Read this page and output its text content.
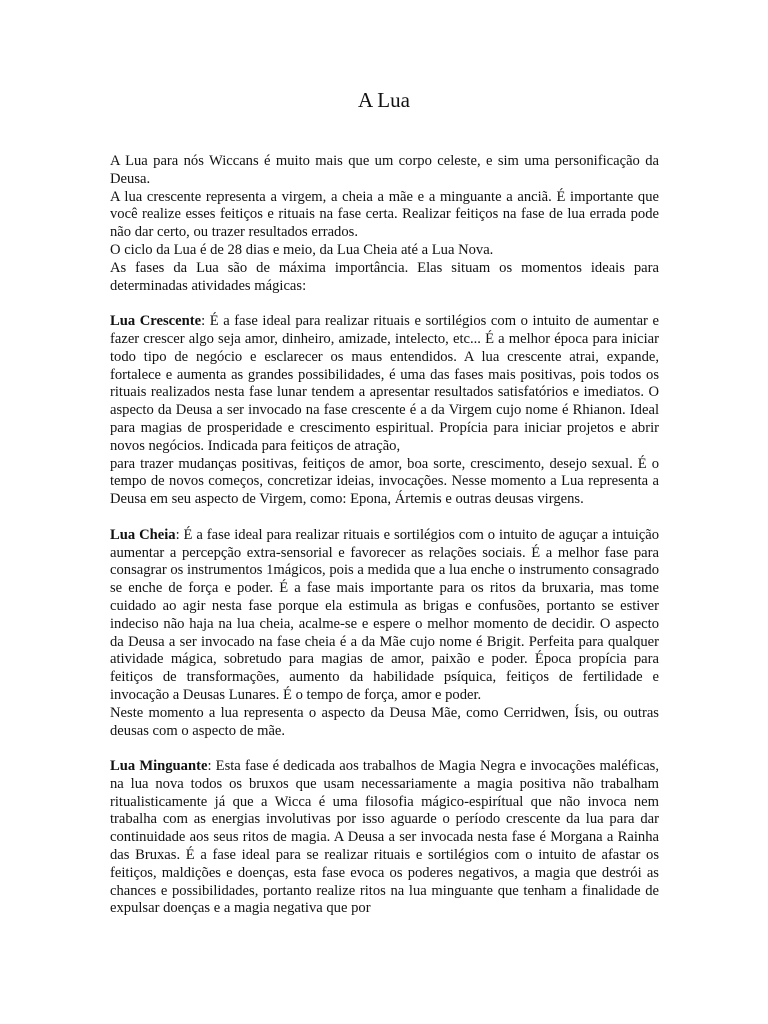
A Lua

A Lua para nós Wiccans é muito mais que um corpo celeste, e sim uma personificação da Deusa.

A lua crescente representa a virgem, a cheia a mãe e a minguante a anciã. É importante que você realize esses feitiços e rituais na fase certa. Realizar feitiços na fase de lua errada pode não dar certo, ou trazer resultados errados.

O ciclo da Lua é de 28 dias e meio, da Lua Cheia até a Lua Nova.

As fases da Lua são de máxima importância. Elas situam os momentos ideais para determinadas atividades mágicas:

Lua Crescente: É a fase ideal para realizar rituais e sortilégios com o intuito de aumentar e fazer crescer algo seja amor, dinheiro, amizade, intelecto, etc... É a melhor época para iniciar todo tipo de negócio e esclarecer os maus entendidos. A lua crescente atrai, expande, fortalece e aumenta as grandes possibilidades, é uma das fases mais positivas, pois todos os rituais realizados nesta fase lunar tendem a apresentar resultados satisfatórios e imediatos. O aspecto da Deusa a ser invocado na fase crescente é a da Virgem cujo nome é Rhianon. Ideal para magias de prosperidade e crescimento espiritual. Propícia para iniciar projetos e abrir novos negócios. Indicada para feitiços de atração,

para trazer mudanças positivas, feitiços de amor, boa sorte, crescimento, desejo sexual. É o tempo de novos começos, concretizar ideias, invocações. Nesse momento a Lua representa a Deusa em seu aspecto de Virgem, como: Epona, Ártemis e outras deusas virgens.

Lua Cheia: É a fase ideal para realizar rituais e sortilégios com o intuito de aguçar a intuição aumentar a percepção extra-sensorial e favorecer as relações sociais. É a melhor fase para consagrar os instrumentos 1mágicos, pois a medida que a lua enche o instrumento consagrado se enche de força e poder. É a fase mais importante para os ritos da bruxaria, mas tome cuidado ao agir nesta fase porque ela estimula as brigas e confusões, portanto se estiver indeciso não haja na lua cheia, acalme-se e espere o melhor momento de decidir. O aspecto da Deusa a ser invocado na fase cheia é a da Mãe cujo nome é Brigit. Perfeita para qualquer atividade mágica, sobretudo para magias de amor, paixão e poder. Época propícia para feitiços de transformações, aumento da habilidade psíquica, feitiços de fertilidade e invocação a Deusas Lunares. É o tempo de força, amor e poder.

Neste momento a lua representa o aspecto da Deusa Mãe, como Cerridwen, Ísis, ou outras deusas com o aspecto de mãe.

Lua Minguante: Esta fase é dedicada aos trabalhos de Magia Negra e invocações maléficas, na lua nova todos os bruxos que usam necessariamente a magia positiva não trabalham ritualisticamente já que a Wicca é uma filosofia mágico-espirítual que não invoca nem trabalha com as energias involutivas por isso aguarde o período crescente da lua para dar continuidade aos seus ritos de magia. A Deusa a ser invocada nesta fase é Morgana a Rainha das Bruxas. É a fase ideal para se realizar rituais e sortilégios com o intuito de afastar os feitiços, maldições e doenças, esta fase evoca os poderes negativos, a magia que destrói as chances e possibilidades, portanto realize ritos na lua minguante que tenham a finalidade de expulsar doenças e a magia negativa que por
